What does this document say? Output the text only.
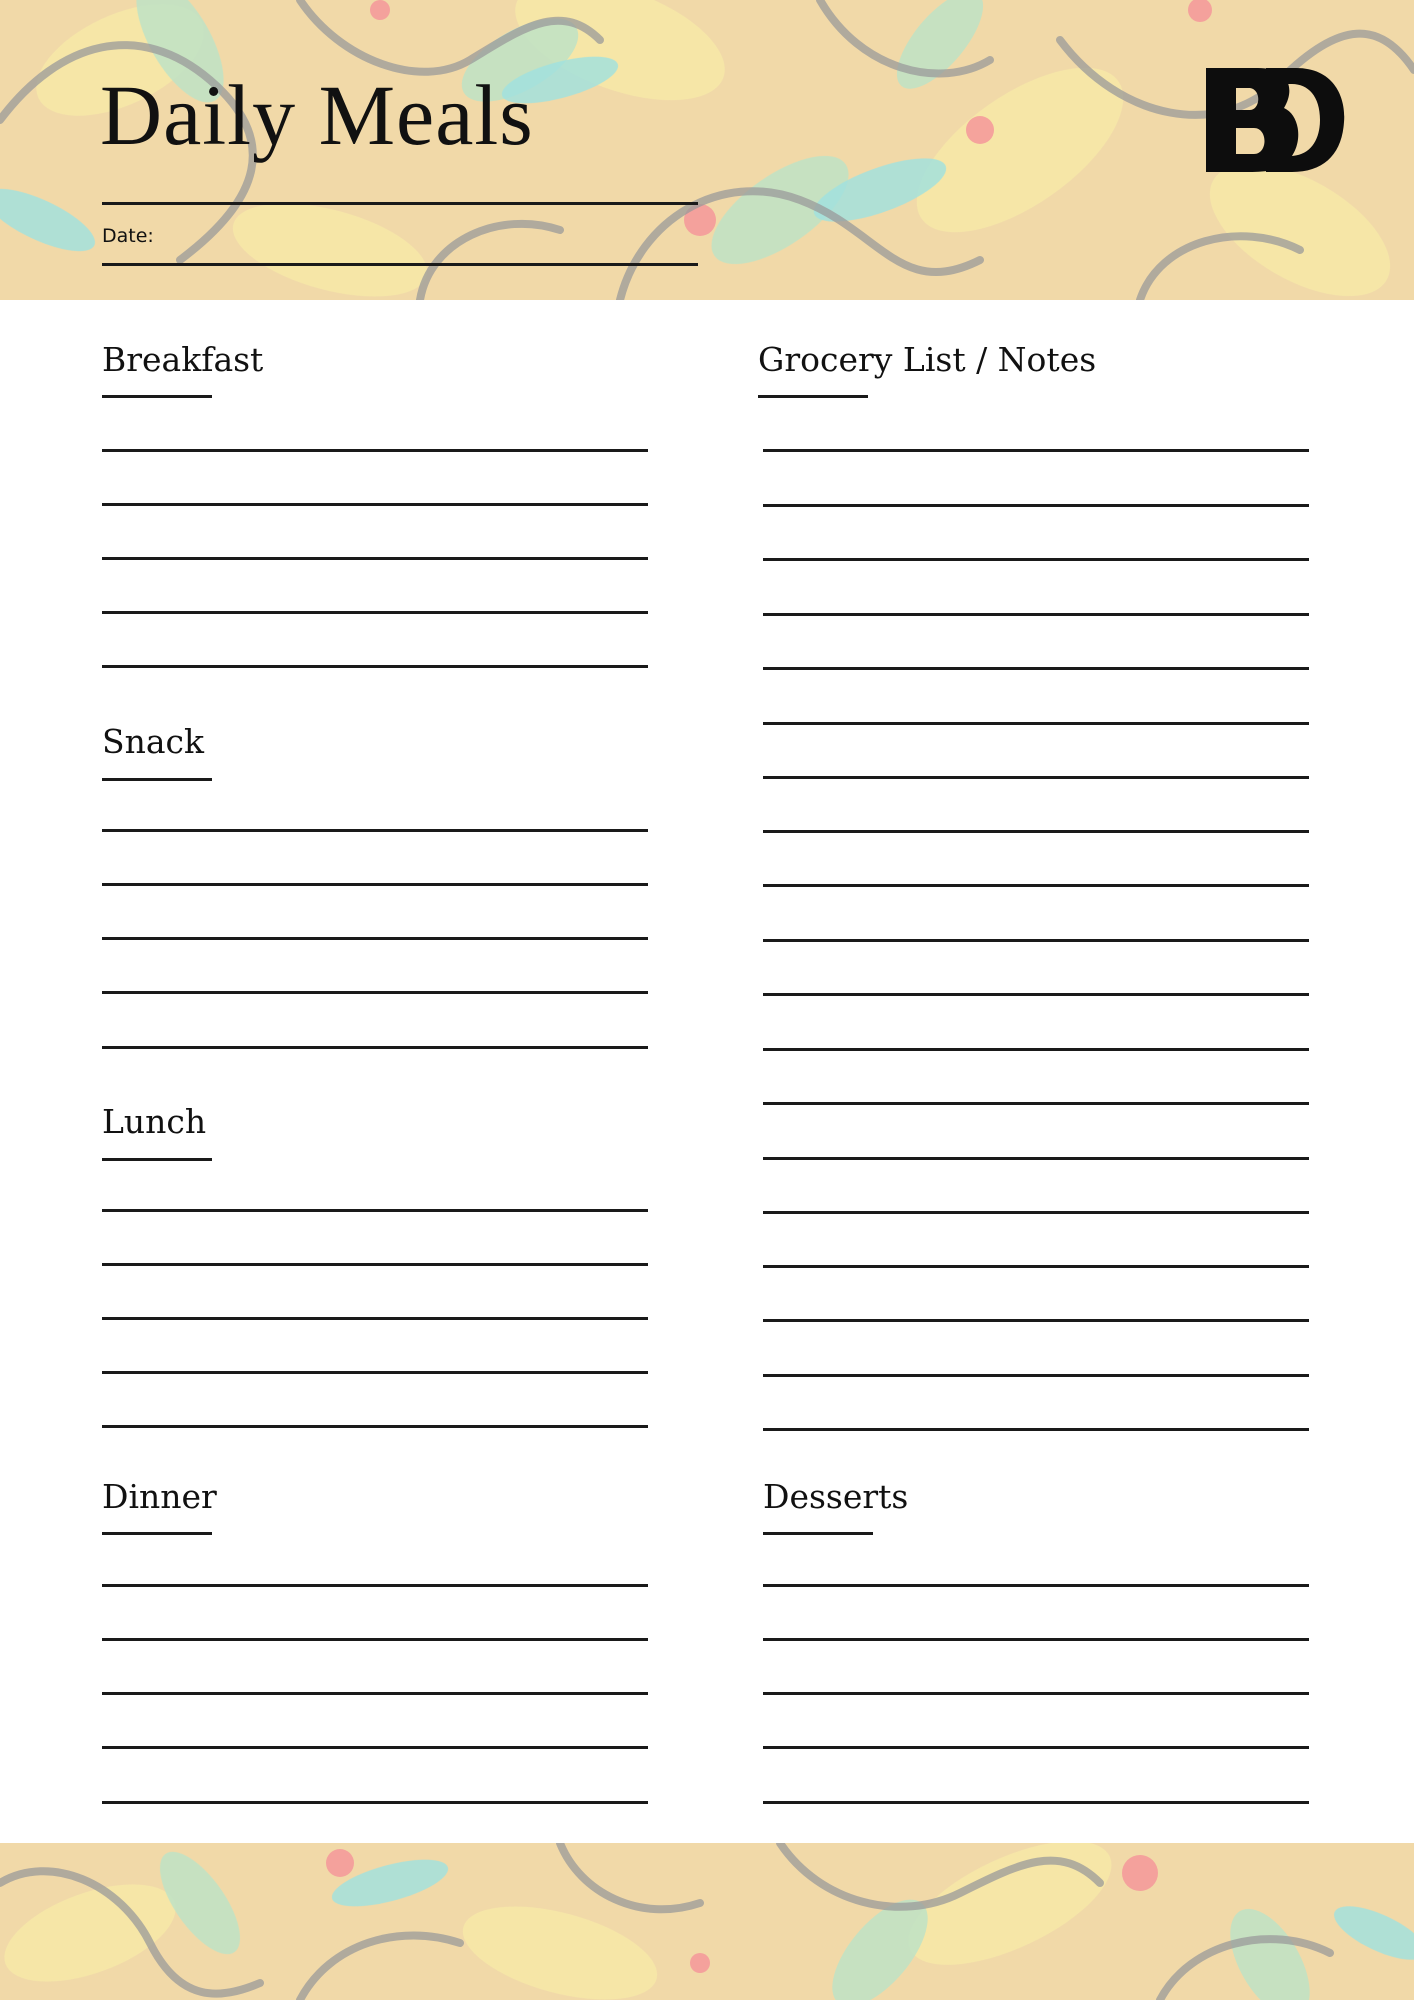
Daily Meals
Date:
Breakfast
Snack
Lunch
Dinner
Grocery List / Notes
Desserts
